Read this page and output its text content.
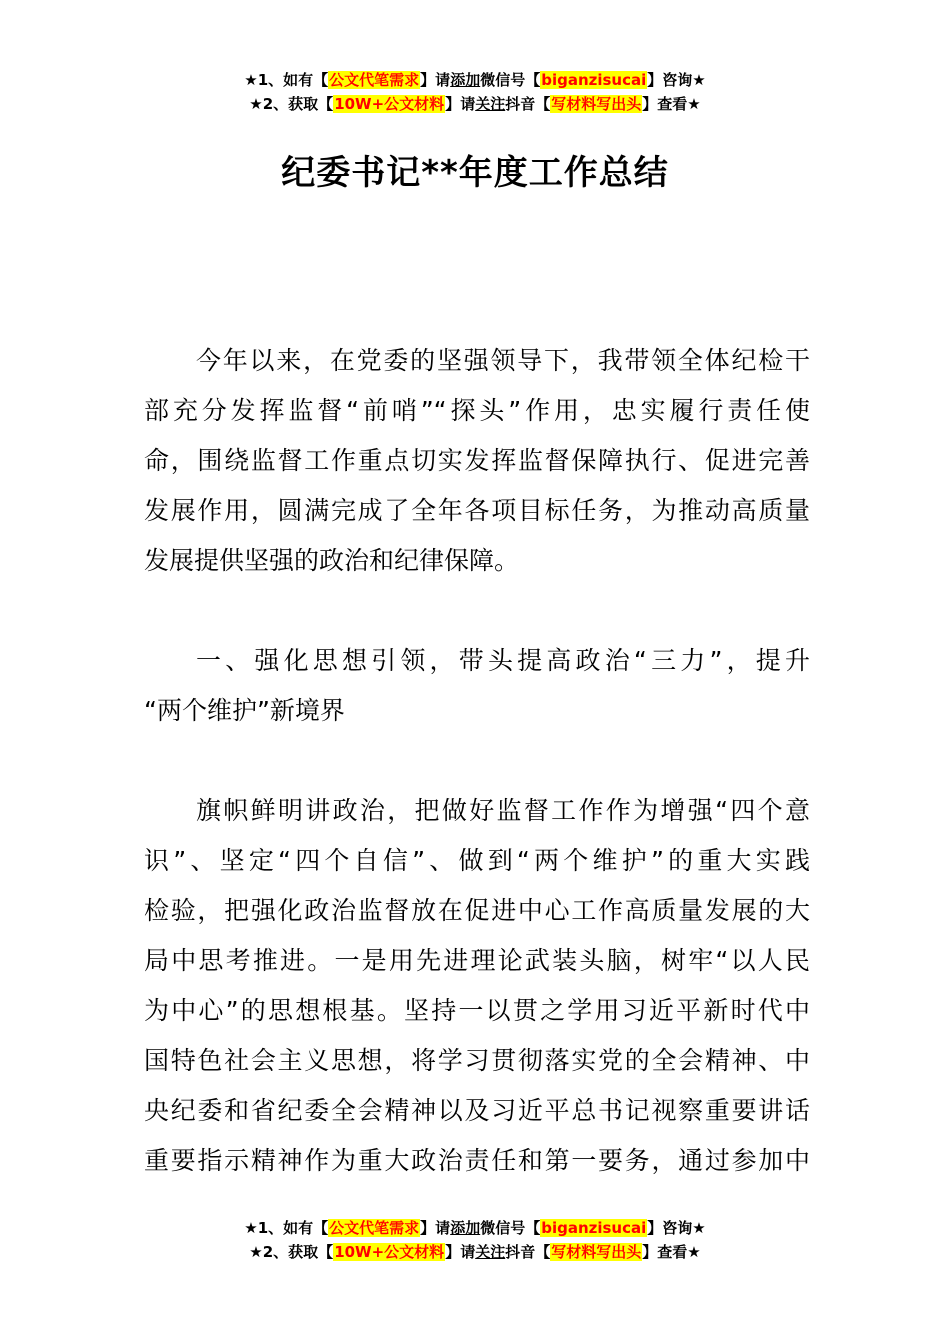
★1、如有【公文代笔需求】请添加微信号【biganzisucai】咨询★
★2、获取【10W+公文材料】请关注抖音【写材料写出头】查看★
纪委书记**年度工作总结
今年以来，在党委的坚强领导下，我带领全体纪检干
部充分发挥监督“前哨”“探头”作用，忠实履行责任使
命，围绕监督工作重点切实发挥监督保障执行、促进完善
发展作用，圆满完成了全年各项目标任务，为推动高质量
发展提供坚强的政治和纪律保障。
一、强化思想引领，带头提高政治“三力”，提升
“两个维护”新境界
旗帜鲜明讲政治，把做好监督工作作为增强“四个意
识”、坚定“四个自信”、做到“两个维护”的重大实践
检验，把强化政治监督放在促进中心工作高质量发展的大
局中思考推进。一是用先进理论武装头脑，树牢“以人民
为中心”的思想根基。坚持一以贯之学用习近平新时代中
国特色社会主义思想，将学习贯彻落实党的全会精神、中
央纪委和省纪委全会精神以及习近平总书记视察重要讲话
重要指示精神作为重大政治责任和第一要务，通过参加中
★1、如有【公文代笔需求】请添加微信号【biganzisucai】咨询★
★2、获取【10W+公文材料】请关注抖音【写材料写出头】查看★
